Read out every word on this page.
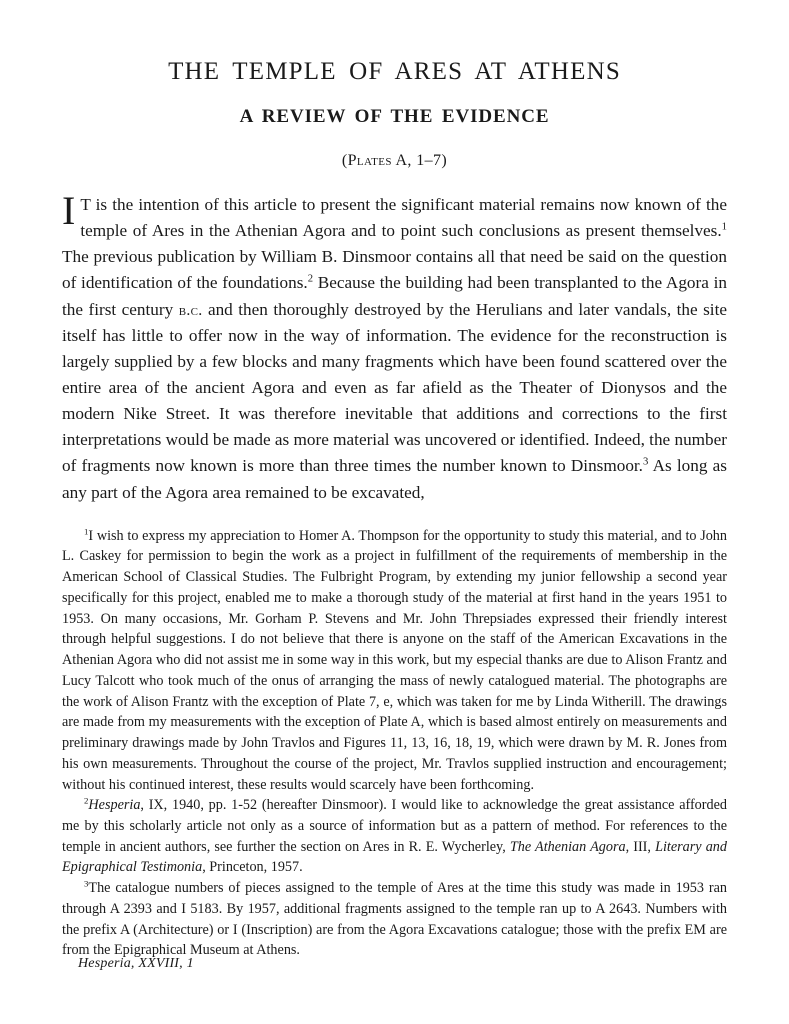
THE TEMPLE OF ARES AT ATHENS
A REVIEW OF THE EVIDENCE
(Plates A, 1–7)
I T is the intention of this article to present the significant material remains now known of the temple of Ares in the Athenian Agora and to point such conclusions as present themselves.$^1$ The previous publication by William B. Dinsmoor contains all that need be said on the question of identification of the foundations.$^2$ Because the building had been transplanted to the Agora in the first century b.c. and then thoroughly destroyed by the Herulians and later vandals, the site itself has little to offer now in the way of information. The evidence for the reconstruction is largely supplied by a few blocks and many fragments which have been found scattered over the entire area of the ancient Agora and even as far afield as the Theater of Dionysos and the modern Nike Street. It was therefore inevitable that additions and corrections to the first interpretations would be made as more material was uncovered or identified. Indeed, the number of fragments now known is more than three times the number known to Dinsmoor.$^3$ As long as any part of the Agora area remained to be excavated,

$^1$I wish to express my appreciation to Homer A. Thompson for the opportunity to study this material, and to John L. Caskey for permission to begin the work as a project in fulfillment of the requirements of membership in the American School of Classical Studies. The Fulbright Program, by extending my junior fellowship a second year specifically for this project, enabled me to make a thorough study of the material at first hand in the years 1951 to 1953. On many occasions, Mr. Gorham P. Stevens and Mr. John Threpsiades expressed their friendly interest through helpful suggestions. I do not believe that there is anyone on the staff of the American Excavations in the Athenian Agora who did not assist me in some way in this work, but my especial thanks are due to Alison Frantz and Lucy Talcott who took much of the onus of arranging the mass of newly catalogued material. The photographs are the work of Alison Frantz with the exception of Plate 7, e, which was taken for me by Linda Witherill. The drawings are made from my measurements with the exception of Plate A, which is based almost entirely on measurements and preliminary drawings made by John Travlos and Figures 11, 13, 16, 18, 19, which were drawn by M. R. Jones from his own measurements. Throughout the course of the project, Mr. Travlos supplied instruction and encouragement; without his continued interest, these results would scarcely have been forthcoming.

$^2$Hesperia, IX, 1940, pp. 1-52 (hereafter Dinsmoor). I would like to acknowledge the great assistance afforded me by this scholarly article not only as a source of information but as a pattern of method. For references to the temple in ancient authors, see further the section on Ares in R. E. Wycherley, The Athenian Agora, III, Literary and Epigraphical Testimonia, Princeton, 1957.

$^3$The catalogue numbers of pieces assigned to the temple of Ares at the time this study was made in 1953 ran through A 2393 and I 5183. By 1957, additional fragments assigned to the temple ran up to A 2643. Numbers with the prefix A (Architecture) or I (Inscription) are from the Agora Excavations catalogue; those with the prefix EM are from the Epigraphical Museum at Athens.

Hesperia, XXVIII, 1
